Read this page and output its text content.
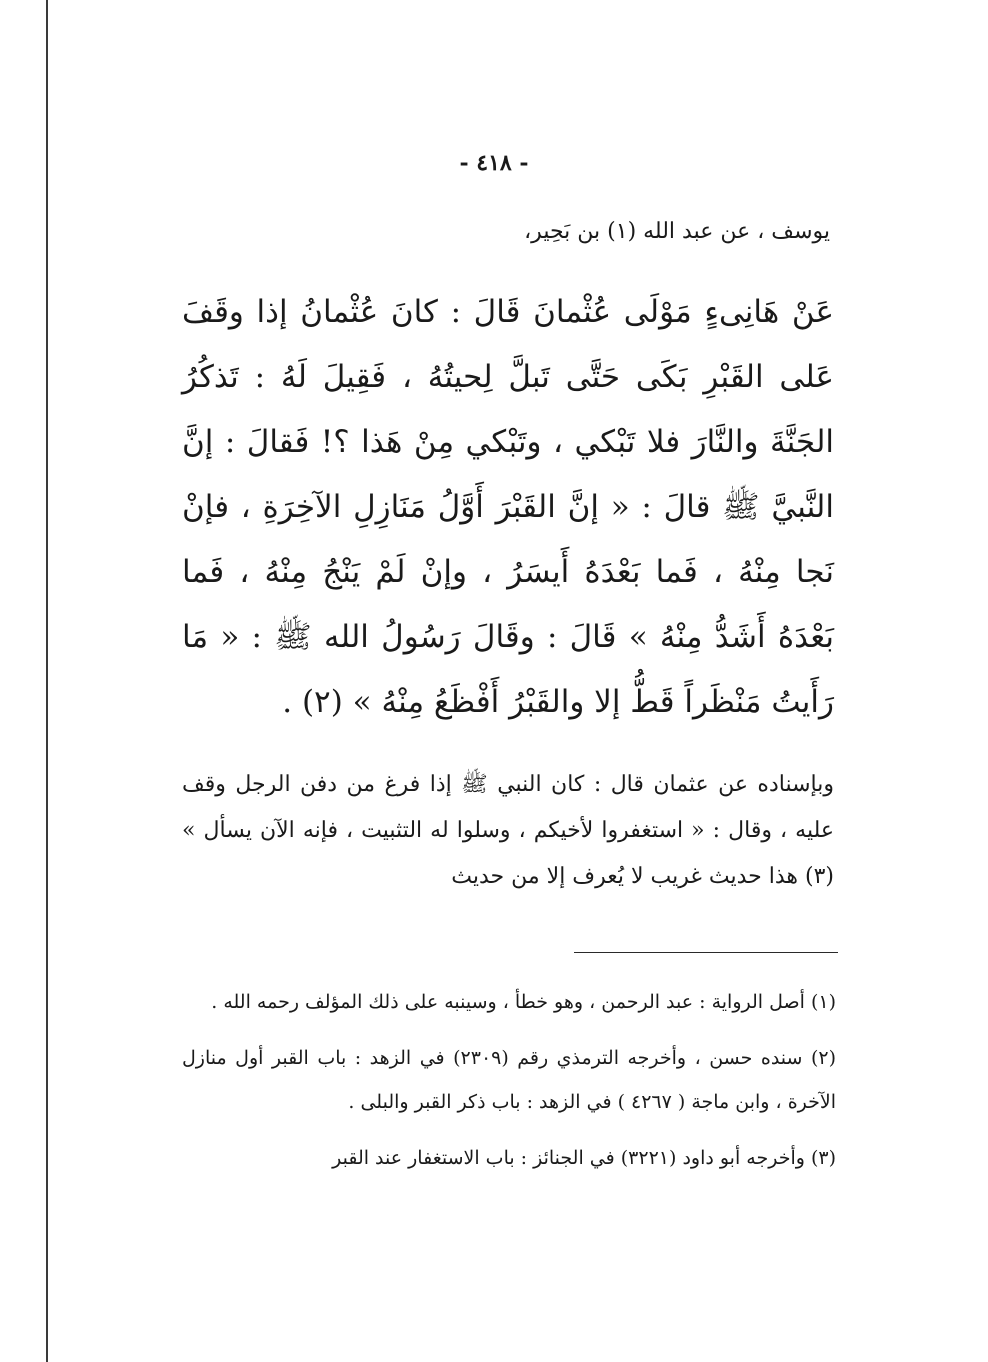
- ٤١٨ -
يوسف ، عن عبد الله (١) بن بَحِير،

عَنْ هَانِىءٍ مَوْلَى عُثْمانَ قَالَ : كانَ عُثْمانُ إذا وقَفَ عَلى القَبْرِ بَكَى حَتَّى تَبلَّ لِحيتُهُ ، فَقِيلَ لَهُ : تَذكُرُ الجَنَّةَ والنَّارَ فلا تَبْكي ، وتَبْكي مِنْ هَذا ؟! فَقالَ : إنَّ النَّبيَّ ﷺ قالَ : « إنَّ القَبْرَ أَوَّلُ مَنَازِلِ الآخِرَةِ ، فإنْ نَجا مِنْهُ ، فَما بَعْدَهُ أَيسَرُ ، وإنْ لَمْ يَنْجُ مِنْهُ ، فَما بَعْدَهُ أَشَدُّ مِنْهُ » قَالَ : وقَالَ رَسُولُ الله ﷺ : « مَا رَأَيتُ مَنْظَراً قَطُّ إلا والقَبْرُ أَفْظَعُ مِنْهُ » (٢) .

وبإسناده عن عثمان قال : كان النبي ﷺ إذا فرغ من دفن الرجل وقف عليه ، وقال : « استغفروا لأخيكم ، وسلوا له التثبيت ، فإنه الآن يسأل » (٣) هذا حديث غريب لا يُعرف إلا من حديث

(١) أصل الرواية : عبد الرحمن ، وهو خطأ ، وسينبه على ذلك المؤلف رحمه الله .

(٢) سنده حسن ، وأخرجه الترمذي رقم (٢٣٠٩) في الزهد : باب القبر أول منازل الآخرة ، وابن ماجة ( ٤٢٦٧ ) في الزهد : باب ذكر القبر والبلى .

(٣) وأخرجه أبو داود (٣٢٢١) في الجنائز : باب الاستغفار عند القبر
